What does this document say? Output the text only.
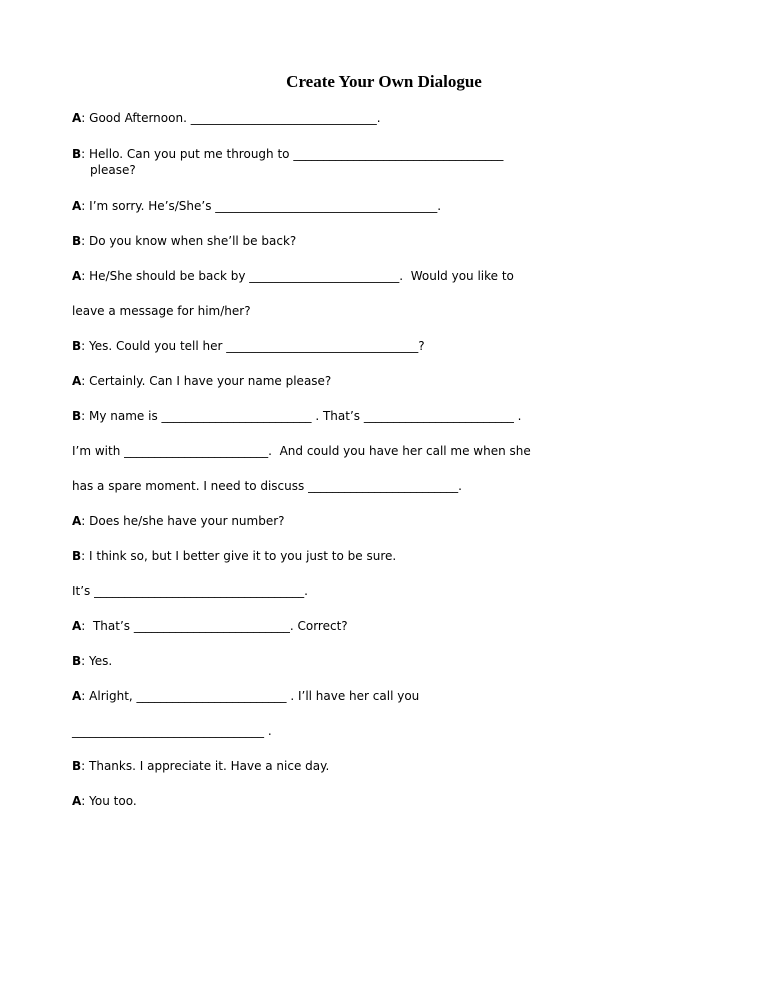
Create Your Own Dialogue
A: Good Afternoon. _______________________________.
B: Hello. Can you put me through to ___________________________________
please?
A: I’m sorry. He’s/She’s _____________________________________.
B: Do you know when she’ll be back?
A: He/She should be back by _________________________.  Would you like to
leave a message for him/her?
B: Yes. Could you tell her ________________________________?
A: Certainly. Can I have your name please?
B: My name is _________________________ . That’s _________________________ .
I’m with ________________________.  And could you have her call me when she
has a spare moment. I need to discuss _________________________.
A: Does he/she have your number?
B: I think so, but I better give it to you just to be sure.
It’s ___________________________________.
A:  That’s __________________________. Correct?
B: Yes.
A: Alright, _________________________ . I’ll have her call you
________________________________ .
B: Thanks. I appreciate it. Have a nice day.
A: You too.
